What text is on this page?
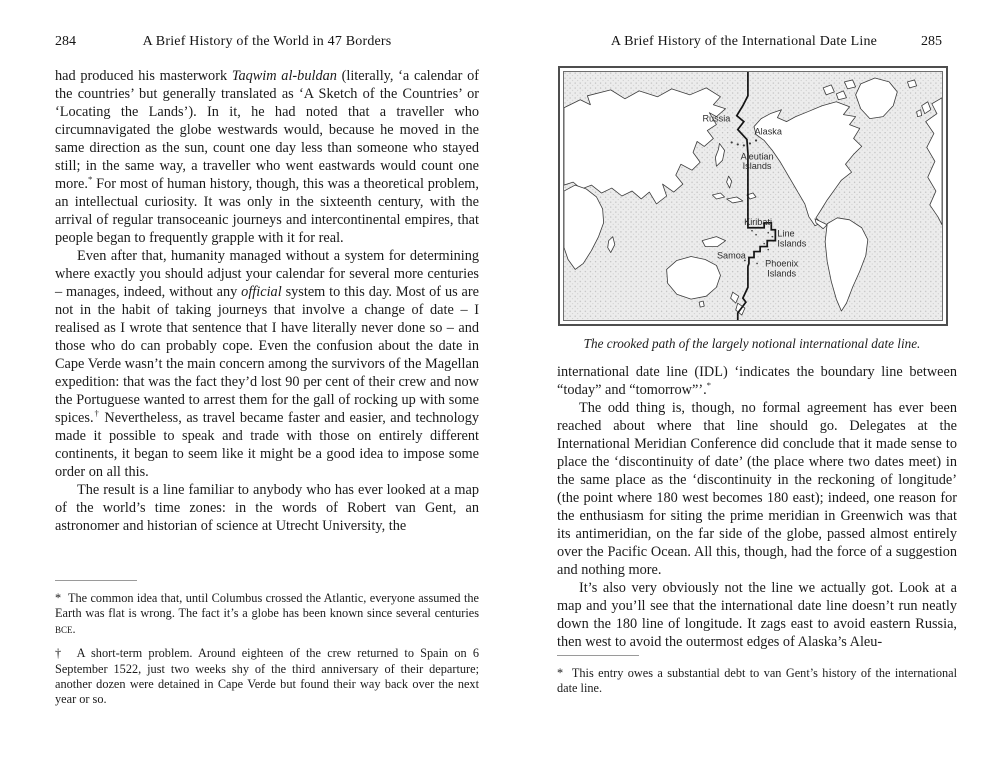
284	A Brief History of the World in 47 Borders

had produced his masterwork Taqwim al-buldan (literally, ‘a calendar of the countries’ but generally translated as ‘A Sketch of the Countries’ or ‘Locating the Lands’). In it, he had noted that a traveller who circumnavigated the globe westwards would, because he moved in the same direction as the sun, count one day less than someone who stayed still; in the same way, a traveller who went eastwards would count one more.* For most of human history, though, this was a theoretical problem, an intellectual curiosity. It was only in the sixteenth century, with the arrival of regular transoceanic journeys and intercontinental empires, that people began to frequently grapple with it for real.

Even after that, humanity managed without a system for determining where exactly you should adjust your calendar for several more centuries – manages, indeed, without any official system to this day. Most of us are not in the habit of taking journeys that involve a change of date – I realised as I wrote that sentence that I have literally never done so – and those who do can probably cope. Even the confusion about the date in Cape Verde wasn’t the main concern among the survivors of the Magellan expedition: that was the fact they’d lost 90 per cent of their crew and now the Portuguese wanted to arrest them for the gall of rocking up with some spices.† Nevertheless, as travel became faster and easier, and technology made it possible to speak and trade with those on entirely different continents, it began to seem like it might be a good idea to impose some order on all this.

The result is a line familiar to anybody who has ever looked at a map of the world’s time zones: in the words of Robert van Gent, an astronomer and historian of science at Utrecht University, the

*  The common idea that, until Columbus crossed the Atlantic, everyone assumed the Earth was flat is wrong. The fact it’s a globe has been known since several centuries bce.

†  A short-term problem. Around eighteen of the crew returned to Spain on 6 September 1522, just two weeks shy of the third anniversary of their departure; another dozen were detained in Cape Verde but found their way back over the next year or so.

A Brief History of the International Date Line	285
Russia
Alaska
Aleutian
Islands
Kiribati
Line
Islands
Samoa
Phoenix
Islands
The crooked path of the largely notional international date line.

international date line (IDL) ‘indicates the boundary line between “today” and “tomorrow”’.*

The odd thing is, though, no formal agreement has ever been reached about where that line should go. Delegates at the International Meridian Conference did conclude that it made sense to place the ‘discontinuity of date’ (the place where two dates meet) in the same place as the ‘discontinuity in the reckoning of longitude’ (the point where 180 west becomes 180 east); indeed, one reason for the enthusiasm for siting the prime meridian in Greenwich was that its antimeridian, on the far side of the globe, passed almost entirely over the Pacific Ocean. All this, though, had the force of a suggestion and nothing more.

It’s also very obviously not the line we actually got. Look at a map and you’ll see that the international date line doesn’t run neatly down the 180 line of longitude. It zags east to avoid eastern Russia, then west to avoid the outermost edges of Alaska’s Aleu-

*  This entry owes a substantial debt to van Gent’s history of the international date line.
